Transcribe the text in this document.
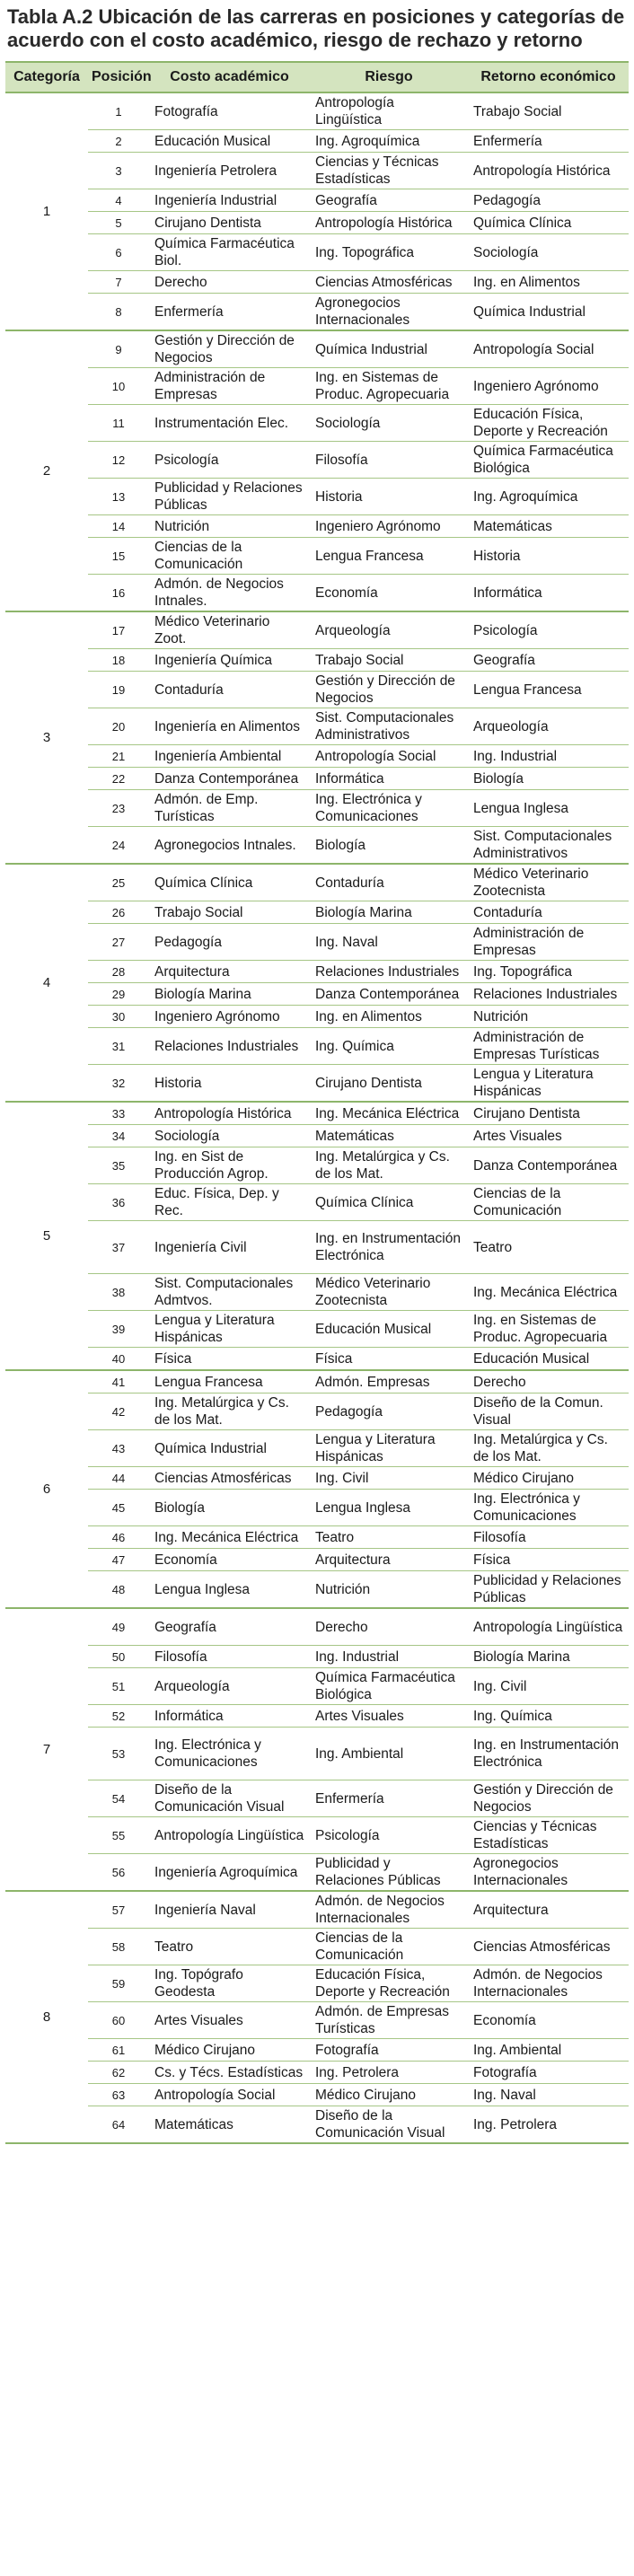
Tabla A.2 Ubicación de las carreras en posiciones y categorías de acuerdo con el costo académico, riesgo de rechazo y retorno
Categoría	Posición	Costo académico	Riesgo	Retorno económico
1	1	Fotografía	Antropología Lingüística	Trabajo Social
	2	Educación Musical	Ing. Agroquímica	Enfermería
	3	Ingeniería Petrolera	Ciencias y Técnicas Estadísticas	Antropología Histórica
	4	Ingeniería Industrial	Geografía	Pedagogía
	5	Cirujano Dentista	Antropología Histórica	Química Clínica
	6	Química Farmacéutica Biol.	Ing. Topográfica	Sociología
	7	Derecho	Ciencias Atmosféricas	Ing. en Alimentos
	8	Enfermería	Agronegocios Internacionales	Química Industrial
2	9	Gestión y Dirección de Negocios	Química Industrial	Antropología Social
	10	Administración de Empresas	Ing. en Sistemas de Produc. Agropecuaria	Ingeniero Agrónomo
	11	Instrumentación Elec.	Sociología	Educación Física, Deporte y Recreación
	12	Psicología	Filosofía	Química Farmacéutica Biológica
	13	Publicidad y Relaciones Públicas	Historia	Ing. Agroquímica
	14	Nutrición	Ingeniero Agrónomo	Matemáticas
	15	Ciencias de la Comunicación	Lengua Francesa	Historia
	16	Admón. de Negocios Intnales.	Economía	Informática
3	17	Médico Veterinario Zoot.	Arqueología	Psicología
	18	Ingeniería Química	Trabajo Social	Geografía
	19	Contaduría	Gestión y Dirección de Negocios	Lengua Francesa
	20	Ingeniería en Alimentos	Sist. Computacionales Administrativos	Arqueología
	21	Ingeniería Ambiental	Antropología Social	Ing. Industrial
	22	Danza Contemporánea	Informática	Biología
	23	Admón. de Emp. Turísticas	Ing. Electrónica y Comunicaciones	Lengua Inglesa
	24	Agronegocios Intnales.	Biología	Sist. Computacionales Administrativos
4	25	Química Clínica	Contaduría	Médico Veterinario Zootecnista
	26	Trabajo Social	Biología Marina	Contaduría
	27	Pedagogía	Ing. Naval	Administración de Empresas
	28	Arquitectura	Relaciones Industriales	Ing. Topográfica
	29	Biología Marina	Danza Contemporánea	Relaciones Industriales
	30	Ingeniero Agrónomo	Ing. en Alimentos	Nutrición
	31	Relaciones Industriales	Ing. Química	Administración de Empresas Turísticas
	32	Historia	Cirujano Dentista	Lengua y Literatura Hispánicas
5	33	Antropología Histórica	Ing. Mecánica Eléctrica	Cirujano Dentista
	34	Sociología	Matemáticas	Artes Visuales
	35	Ing. en Sist de Producción Agrop.	Ing. Metalúrgica y Cs. de los Mat.	Danza Contemporánea
	36	Educ. Física, Dep. y Rec.	Química Clínica	Ciencias de la Comunicación
	37	Ingeniería Civil	Ing. en Instrumentación Electrónica	Teatro
	38	Sist. Computacionales Admtvos.	Médico Veterinario Zootecnista	Ing. Mecánica Eléctrica
	39	Lengua y Literatura Hispánicas	Educación Musical	Ing. en Sistemas de Produc. Agropecuaria
	40	Física	Física	Educación Musical
6	41	Lengua Francesa	Admón. Empresas	Derecho
	42	Ing. Metalúrgica y Cs. de los Mat.	Pedagogía	Diseño de la Comun. Visual
	43	Química Industrial	Lengua y Literatura Hispánicas	Ing. Metalúrgica y Cs. de los Mat.
	44	Ciencias Atmosféricas	Ing. Civil	Médico Cirujano
	45	Biología	Lengua Inglesa	Ing. Electrónica y Comunicaciones
	46	Ing. Mecánica Eléctrica	Teatro	Filosofía
	47	Economía	Arquitectura	Física
	48	Lengua Inglesa	Nutrición	Publicidad y Relaciones Públicas
7	49	Geografía	Derecho	Antropología Lingüística
	50	Filosofía	Ing. Industrial	Biología Marina
	51	Arqueología	Química Farmacéutica Biológica	Ing. Civil
	52	Informática	Artes Visuales	Ing. Química
	53	Ing. Electrónica y Comunicaciones	Ing. Ambiental	Ing. en Instrumentación Electrónica
	54	Diseño de la Comunicación Visual	Enfermería	Gestión y Dirección de Negocios
	55	Antropología Lingüística	Psicología	Ciencias y Técnicas Estadísticas
	56	Ingeniería Agroquímica	Publicidad y Relaciones Públicas	Agronegocios Internacionales
8	57	Ingeniería Naval	Admón. de Negocios Internacionales	Arquitectura
	58	Teatro	Ciencias de la Comunicación	Ciencias Atmosféricas
	59	Ing. Topógrafo Geodesta	Educación Física, Deporte y Recreación	Admón. de Negocios Internacionales
	60	Artes Visuales	Admón. de Empresas Turísticas	Economía
	61	Médico Cirujano	Fotografía	Ing. Ambiental
	62	Cs. y Técs. Estadísticas	Ing. Petrolera	Fotografía
	63	Antropología Social	Médico Cirujano	Ing. Naval
	64	Matemáticas	Diseño de la Comunicación Visual	Ing. Petrolera
